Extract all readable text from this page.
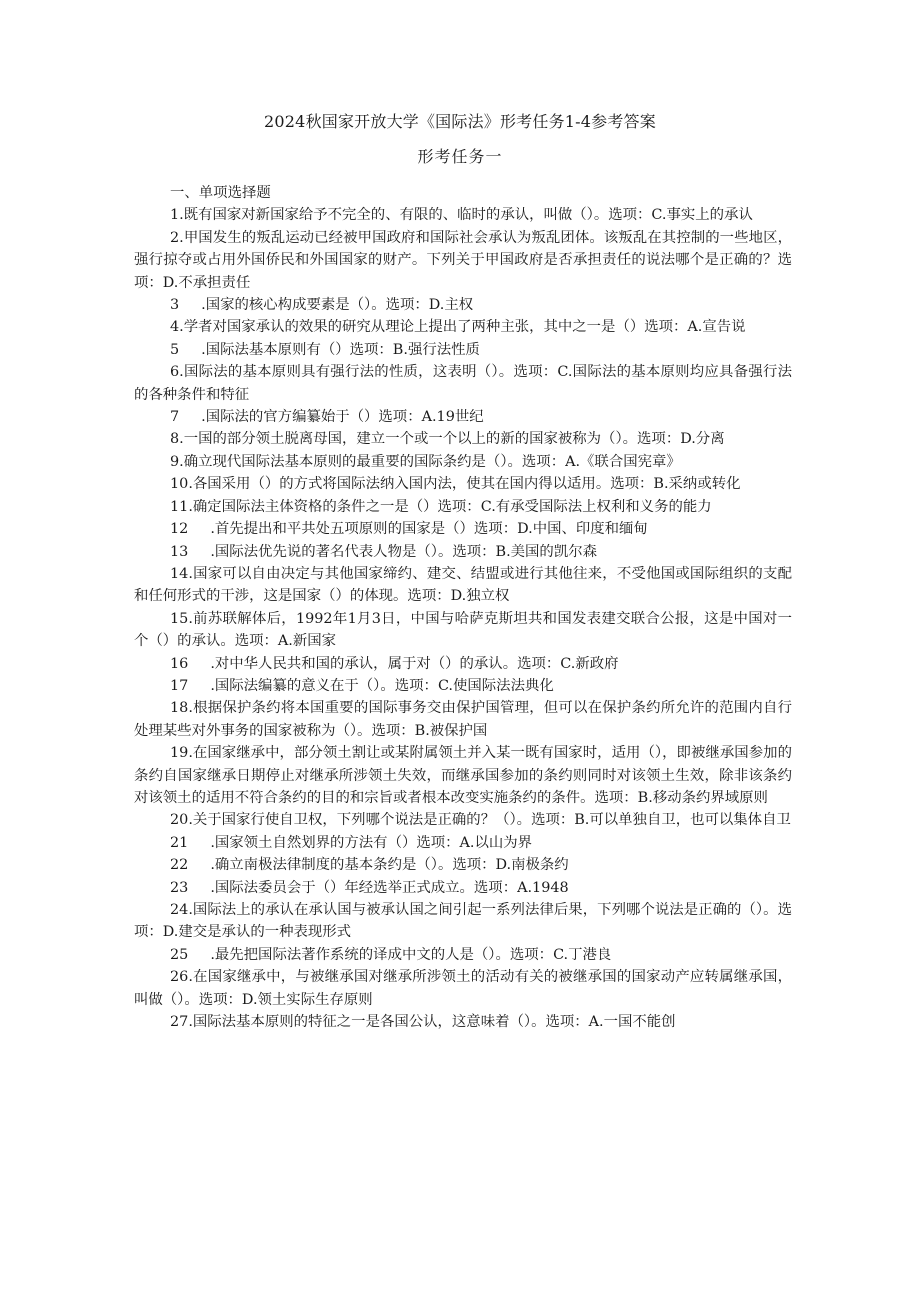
2024秋国家开放大学《国际法》形考任务1-4参考答案
形考任务一

一、单项选择题

1.既有国家对新国家给予不完全的、有限的、临时的承认，叫做（）。选项：C.事实上的承认

2.甲国发生的叛乱运动已经被甲国政府和国际社会承认为叛乱团体。该叛乱在其控制的一些地区，强行掠夺或占用外国侨民和外国国家的财产。下列关于甲国政府是否承担责任的说法哪个是正确的？选项：D.不承担责任

3 .国家的核心构成要素是（）。选项：D.主权

4.学者对国家承认的效果的研究从理论上提出了两种主张，其中之一是（）选项：A.宣告说

5 .国际法基本原则有（）选项：B.强行法性质

6.国际法的基本原则具有强行法的性质，这表明（）。选项：C.国际法的基本原则均应具备强行法的各种条件和特征

7 .国际法的官方编纂始于（）选项：A.19世纪

8.一国的部分领土脱离母国，建立一个或一个以上的新的国家被称为（）。选项：D.分离

9.确立现代国际法基本原则的最重要的国际条约是（）。选项：A.《联合国宪章》

10.各国采用（）的方式将国际法纳入国内法，使其在国内得以适用。选项：B.采纳或转化

11.确定国际法主体资格的条件之一是（）选项：C.有承受国际法上权利和义务的能力

12 .首先提出和平共处五项原则的国家是（）选项：D.中国、印度和缅甸

13 .国际法优先说的著名代表人物是（）。选项：B.美国的凯尔森

14.国家可以自由决定与其他国家缔约、建交、结盟或进行其他往来，不受他国或国际组织的支配和任何形式的干涉，这是国家（）的体现。选项：D.独立权

15.前苏联解体后，1992年1月3日，中国与哈萨克斯坦共和国发表建交联合公报，这是中国对一个（）的承认。选项：A.新国家

16 .对中华人民共和国的承认，属于对（）的承认。选项：C.新政府

17 .国际法编纂的意义在于（）。选项：C.使国际法法典化

18.根据保护条约将本国重要的国际事务交由保护国管理，但可以在保护条约所允许的范围内自行处理某些对外事务的国家被称为（）。选项：B.被保护国

19.在国家继承中，部分领土割让或某附属领土并入某一既有国家时，适用（），即被继承国参加的条约自国家继承日期停止对继承所涉领土失效，而继承国参加的条约则同时对该领土生效，除非该条约对该领土的适用不符合条约的目的和宗旨或者根本改变实施条约的条件。选项：B.移动条约界域原则

20.关于国家行使自卫权，下列哪个说法是正确的？（）。选项：B.可以单独自卫，也可以集体自卫

21 .国家领土自然划界的方法有（）选项：A.以山为界

22 .确立南极法律制度的基本条约是（）。选项：D.南极条约

23 .国际法委员会于（）年经选举正式成立。选项：A.1948

24.国际法上的承认在承认国与被承认国之间引起一系列法律后果，下列哪个说法是正确的（）。选项：D.建交是承认的一种表现形式

25 .最先把国际法著作系统的译成中文的人是（）。选项：C.丁港良

26.在国家继承中，与被继承国对继承所涉领土的活动有关的被继承国的国家动产应转属继承国，叫做（）。选项：D.领土实际生存原则

27.国际法基本原则的特征之一是各国公认，这意味着（）。选项：A.一国不能创
